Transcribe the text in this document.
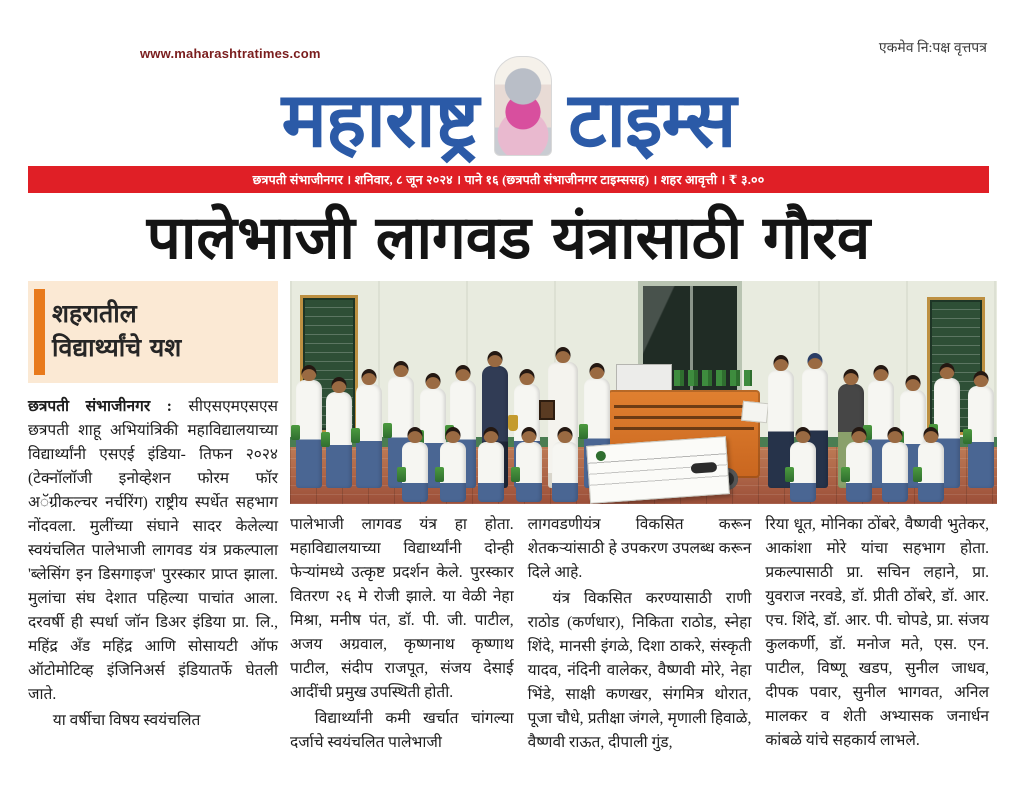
www.maharashtratimes.com	एकमेव नि:पक्ष वृत्तपत्र
महाराष्ट्र टाइम्स
छत्रपती संभाजीनगर । शनिवार, ८ जून २०२४ । पाने १६ (छत्रपती संभाजीनगर टाइम्ससह) । शहर आवृत्ती । ₹ ३.००
पालेभाजी लागवड यंत्रासाठी गौरव
शहरातील
विद्यार्थ्यांचे यश

छत्रपती संभाजीनगर : सीएसएमएसएस छत्रपती शाहू अभियांत्रिकी महाविद्यालयाच्या विद्यार्थ्यांनी एसएई इंडिया- तिफन २०२४ (टेक्नॉलॉजी इनोव्हेशन फोरम फॉर अॅग्रीकल्चर नर्चरिंग) राष्ट्रीय स्पर्धेत सहभाग नोंदवला. मुलींच्या संघाने सादर केलेल्या स्वयंचलित पालेभाजी लागवड यंत्र प्रकल्पाला 'ब्लेसिंग इन डिसगाइज' पुरस्कार प्राप्त झाला. मुलांचा संघ देशात पहिल्या पाचांत आला. दरवर्षी ही स्पर्धा जॉन डिअर इंडिया प्रा. लि., महिंद्र अँड महिंद्र आणि सोसायटी ऑफ ऑटोमोटिव्ह इंजिनिअर्स इंडियातर्फे घेतली जाते.

या वर्षीचा विषय स्वयंचलित

पालेभाजी लागवड यंत्र हा होता. महाविद्यालयाच्या विद्यार्थ्यांनी दोन्ही फेऱ्यांमध्ये उत्कृष्ट प्रदर्शन केले. पुरस्कार वितरण २६ मे रोजी झाले. या वेळी नेहा मिश्रा, मनीष पंत, डॉ. पी. जी. पाटील, अजय अग्रवाल, कृष्णनाथ कृष्णाथ पाटील, संदीप राजपूत, संजय देसाई आदींची प्रमुख उपस्थिती होती.

विद्यार्थ्यांनी कमी खर्चात चांगल्या दर्जाचे स्वयंचलित पालेभाजी

लागवडणीयंत्र विकसित करून शेतकऱ्यांसाठी हे उपकरण उपलब्ध करून दिले आहे.

यंत्र विकसित करण्यासाठी राणी राठोड (कर्णधार), निकिता राठोड, स्नेहा शिंदे, मानसी इंगळे, दिशा ठाकरे, संस्कृती यादव, नंदिनी वालेकर, वैष्णवी मोरे, नेहा भिंडे, साक्षी कणखर, संगमित्र थोरात, पूजा चौधे, प्रतीक्षा जंगले, मृणाली हिवाळे, वैष्णवी राऊत, दीपाली गुंड,

रिया धूत, मोनिका ठोंबरे, वैष्णवी भुतेकर, आकांशा मोरे यांचा सहभाग होता. प्रकल्पासाठी प्रा. सचिन लहाने, प्रा. युवराज नरवडे, डॉ. प्रीती ठोंबरे, डॉ. आर. एच. शिंदे, डॉ. आर. पी. चोपडे, प्रा. संजय कुलकर्णी, डॉ. मनोज मते, एस. एन. पाटील, विष्णू खडप, सुनील जाधव, दीपक पवार, सुनील भागवत, अनिल मालकर व शेती अभ्यासक जनार्धन कांबळे यांचे सहकार्य लाभले.
